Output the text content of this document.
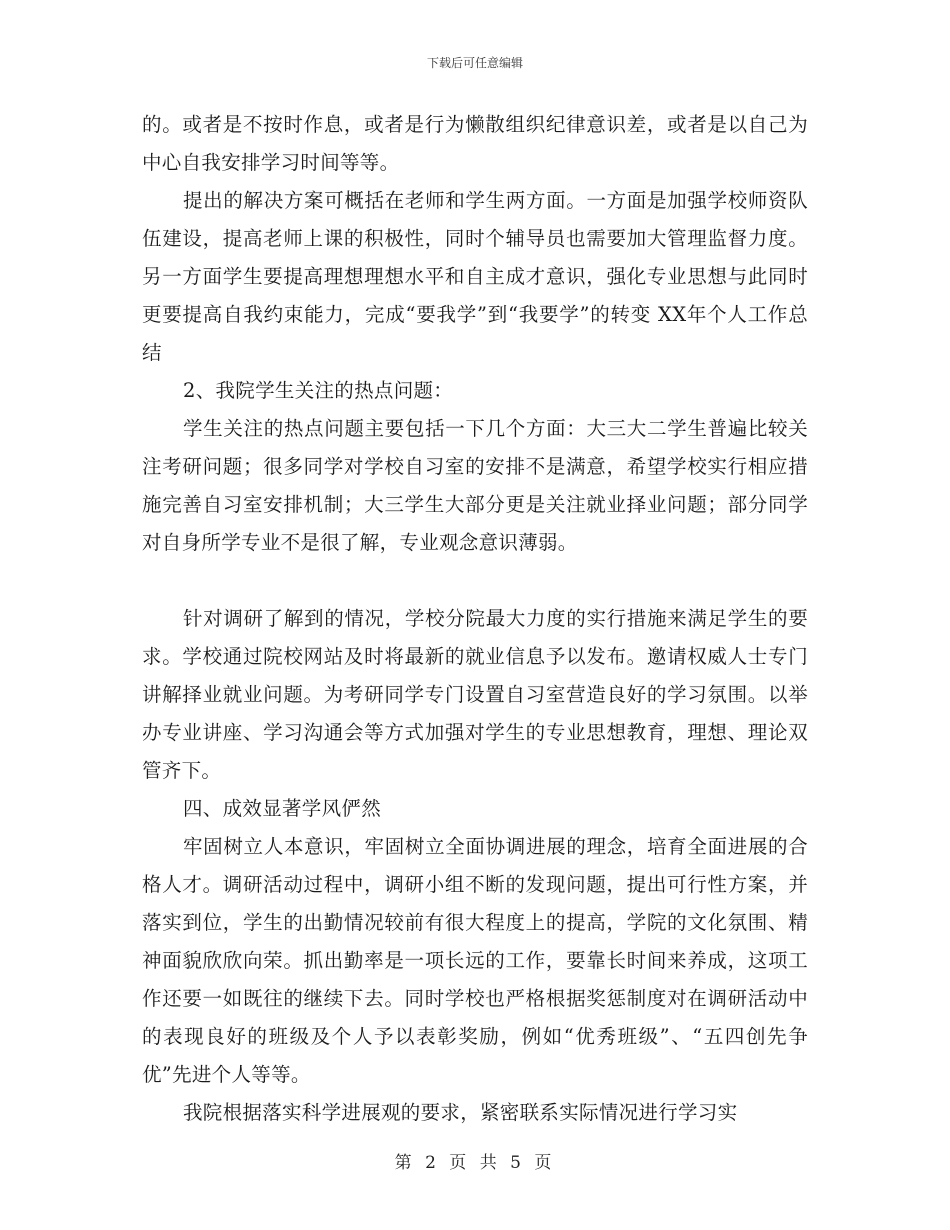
下载后可任意编辑

的。或者是不按时作息，或者是行为懒散组织纪律意识差，或者是以自己为中心自我安排学习时间等等。

提出的解决方案可概括在老师和学生两方面。一方面是加强学校师资队伍建设，提高老师上课的积极性，同时个辅导员也需要加大管理监督力度。另一方面学生要提高理想理想水平和自主成才意识，强化专业思想与此同时更要提高自我约束能力，完成“要我学”到“我要学”的转变 XX年个人工作总结

2、我院学生关注的热点问题：

学生关注的热点问题主要包括一下几个方面：大三大二学生普遍比较关注考研问题；很多同学对学校自习室的安排不是满意，希望学校实行相应措施完善自习室安排机制；大三学生大部分更是关注就业择业问题；部分同学对自身所学专业不是很了解，专业观念意识薄弱。

针对调研了解到的情况，学校分院最大力度的实行措施来满足学生的要求。学校通过院校网站及时将最新的就业信息予以发布。邀请权威人士专门讲解择业就业问题。为考研同学专门设置自习室营造良好的学习氛围。以举办专业讲座、学习沟通会等方式加强对学生的专业思想教育，理想、理论双管齐下。

四、成效显著学风俨然

牢固树立人本意识，牢固树立全面协调进展的理念，培育全面进展的合格人才。调研活动过程中，调研小组不断的发现问题，提出可行性方案，并落实到位，学生的出勤情况较前有很大程度上的提高，学院的文化氛围、精神面貌欣欣向荣。抓出勤率是一项长远的工作，要靠长时间来养成，这项工作还要一如既往的继续下去。同时学校也严格根据奖惩制度对在调研活动中的表现良好的班级及个人予以表彰奖励，例如“优秀班级”、“五四创先争优”先进个人等等。

我院根据落实科学进展观的要求，紧密联系实际情况进行学习实

第 2 页 共 5 页
